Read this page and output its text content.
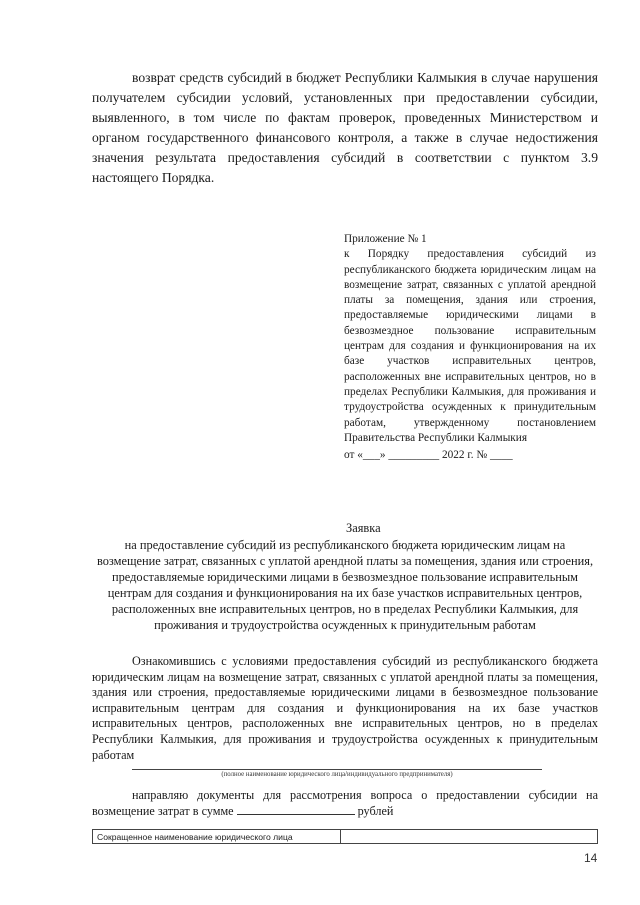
возврат средств субсидий в бюджет Республики Калмыкия в случае нарушения получателем субсидии условий, установленных при предоставлении субсидии, выявленного, в том числе по фактам проверок, проведенных Министерством и органом государственного финансового контроля, а также в случае недостижения значения результата предоставления субсидий в соответствии с пунктом 3.9 настоящего Порядка.
Приложение № 1
к Порядку предоставления субсидий из республиканского бюджета юридическим лицам на возмещение затрат, связанных с уплатой арендной платы за помещения, здания или строения, предоставляемые юридическими лицами в безвозмездное пользование исправительным центрам для создания и функционирования на их базе участков исправительных центров, расположенных вне исправительных центров, но в пределах Республики Калмыкия, для проживания и трудоустройства осужденных к принудительным работам, утвержденному постановлением Правительства Республики Калмыкия
от «___» _________ 2022 г. № ____
Заявка
на предоставление субсидий из республиканского бюджета юридическим лицам на возмещение затрат, связанных с уплатой арендной платы за помещения, здания или строения, предоставляемые юридическими лицами в безвозмездное пользование исправительным центрам для создания и функционирования на их базе участков исправительных центров, расположенных вне исправительных центров, но в пределах Республики Калмыкия, для проживания и трудоустройства осужденных к принудительным работам
Ознакомившись с условиями предоставления субсидий из республиканского бюджета юридическим лицам на возмещение затрат, связанных с уплатой арендной платы за помещения, здания или строения, предоставляемые юридическими лицами в безвозмездное пользование исправительным центрам для создания и функционирования на их базе участков исправительных центров, расположенных вне исправительных центров, но в пределах Республики Калмыкия, для проживания и трудоустройства осужденных к принудительным работам
(полное наименование юридического лица/индивидуального предпринимателя)
направляю документы для рассмотрения вопроса о предоставлении субсидии на возмещение затрат в сумме	рублей
Сокращенное наименование юридического лица
14
